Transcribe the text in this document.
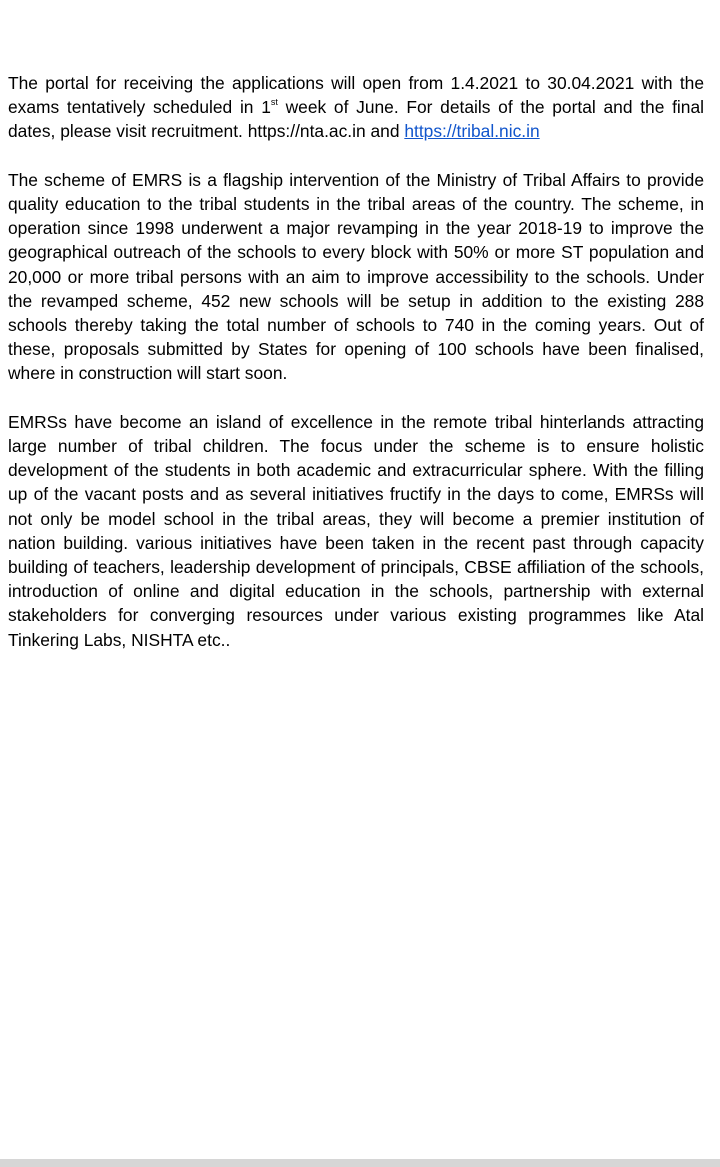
The portal for receiving the applications will open from 1.4.2021 to 30.04.2021 with the exams tentatively scheduled in 1st week of June. For details of the portal and the final dates, please visit recruitment. https://nta.ac.in and https://tribal.nic.in

The scheme of EMRS is a flagship intervention of the Ministry of Tribal Affairs to provide quality education to the tribal students in the tribal areas of the country. The scheme, in operation since 1998 underwent a major revamping in the year 2018-19 to improve the geographical outreach of the schools to every block with 50% or more ST population and 20,000 or more tribal persons with an aim to improve accessibility to the schools. Under the revamped scheme, 452 new schools will be setup in addition to the existing 288 schools thereby taking the total number of schools to 740 in the coming years. Out of these, proposals submitted by States for opening of 100 schools have been finalised, where in construction will start soon.

EMRSs have become an island of excellence in the remote tribal hinterlands attracting large number of tribal children. The focus under the scheme is to ensure holistic development of the students in both academic and extracurricular sphere. With the filling up of the vacant posts and as several initiatives fructify in the days to come, EMRSs will not only be model school in the tribal areas, they will become a premier institution of nation building. various initiatives have been taken in the recent past through capacity building of teachers, leadership development of principals, CBSE affiliation of the schools, introduction of online and digital education in the schools, partnership with external stakeholders for converging resources under various existing programmes like Atal Tinkering Labs, NISHTA etc..
